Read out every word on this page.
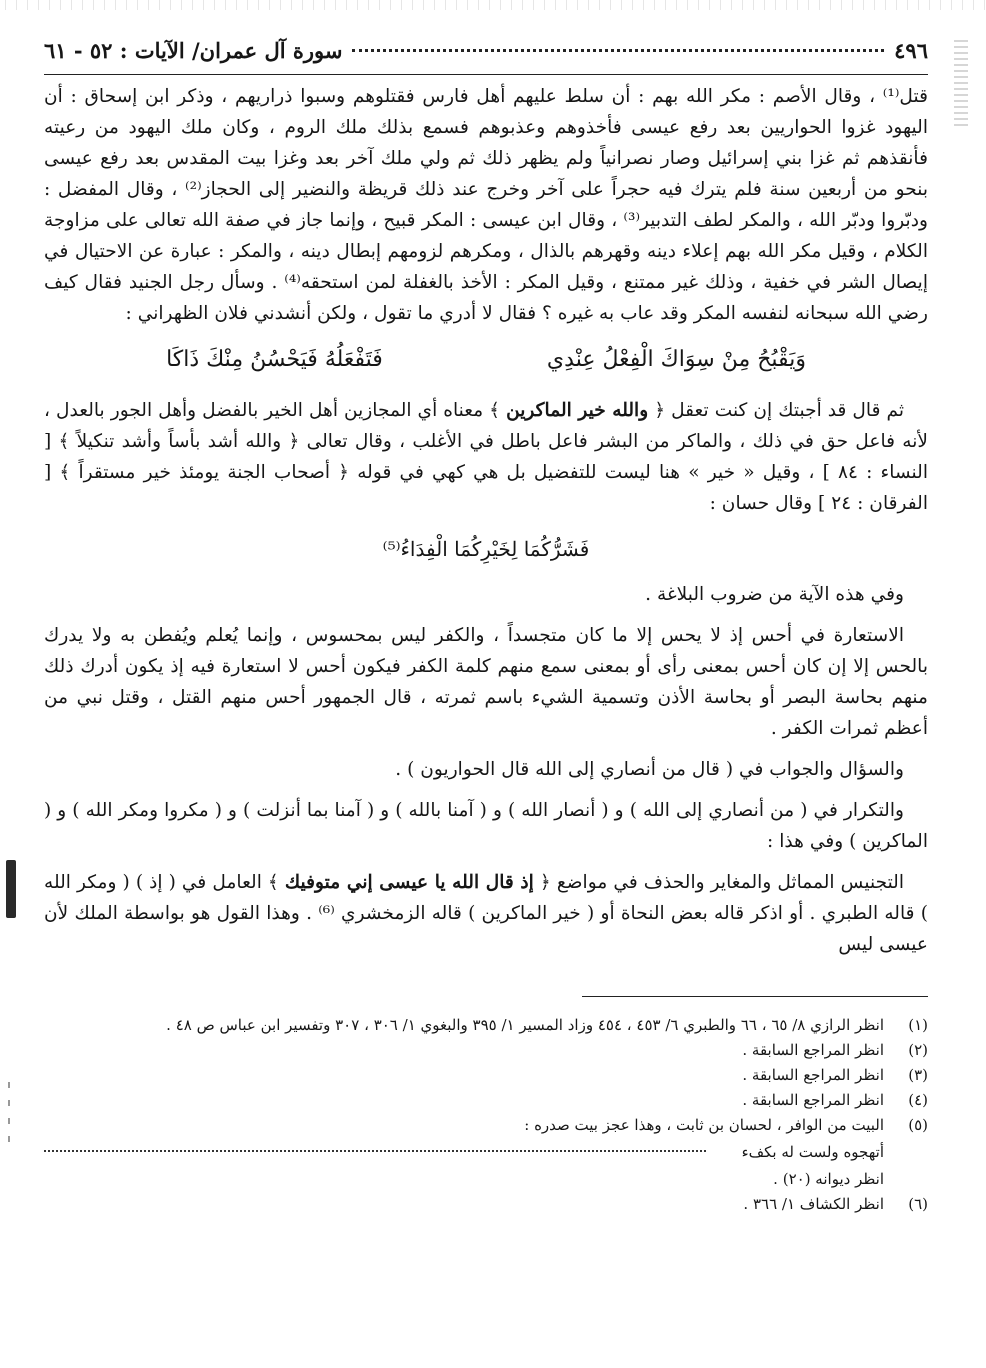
٤٩٦
سورة آل عمران/ الآيات : ٥٢ - ٦١

قتل⁽¹⁾ ، وقال الأصم : مكر الله بهم : أن سلط عليهم أهل فارس فقتلوهم وسبوا ذراريهم ، وذكر ابن إسحاق : أن اليهود غزوا الحواريين بعد رفع عيسى فأخذوهم وعذبوهم فسمع بذلك ملك الروم ، وكان ملك اليهود من رعيته فأنقذهم ثم غزا بني إسرائيل وصار نصرانياً ولم يظهر ذلك ثم ولي ملك آخر بعد وغزا بيت المقدس بعد رفع عيسى بنحو من أربعين سنة فلم يترك فيه حجراً على آخر وخرج عند ذلك قريظة والنضير إلى الحجاز⁽²⁾ ، وقال المفضل : ودبّروا ودبّر الله ، والمكر لطف التدبير⁽³⁾ ، وقال ابن عيسى : المكر قبيح ، وإنما جاز في صفة الله تعالى على مزاوجة الكلام ، وقيل مكر الله بهم إعلاء دينه وقهرهم بالذال ، ومكرهم لزومهم إبطال دينه ، والمكر : عبارة عن الاحتيال في إيصال الشر في خفية ، وذلك غير ممتنع ، وقيل المكر : الأخذ بالغفلة لمن استحقه⁽⁴⁾ . وسأل رجل الجنيد فقال كيف رضي الله سبحانه لنفسه المكر وقد عاب به غيره ؟ فقال لا أدري ما تقول ، ولكن أنشدني فلان الظهراني :

وَيَقْبُحُ مِنْ سِوَاكَ الْفِعْلُ عِنْدِي
فَتَفْعَلُهُ فَيَحْسُنُ مِنْكَ ذَاكَا

ثم قال قد أجبتك إن كنت تعقل ﴿ والله خير الماكرين ﴾ معناه أي المجازين أهل الخير بالفضل وأهل الجور بالعدل ، لأنه فاعل حق في ذلك ، والماكر من البشر فاعل باطل في الأغلب ، وقال تعالى ﴿ والله أشد بأساً وأشد تنكيلاً ﴾ [ النساء : ٨٤ ] ، وقيل « خير » هنا ليست للتفضيل بل هي كهي في قوله ﴿ أصحاب الجنة يومئذ خير مستقراً ﴾ [ الفرقان : ٢٤ ] وقال حسان :

فَشَرُّكُمَا لِخَيْرِكُمَا الْفِدَاءُ⁽⁵⁾

وفي هذه الآية من ضروب البلاغة .

الاستعارة في أحس إذ لا يحس إلا ما كان متجسداً ، والكفر ليس بمحسوس ، وإنما يُعلم ويُفطن به ولا يدرك بالحس إلا إن كان أحس بمعنى رأى أو بمعنى سمع منهم كلمة الكفر فيكون أحس لا استعارة فيه إذ يكون أدرك ذلك منهم بحاسة البصر أو بحاسة الأذن وتسمية الشيء باسم ثمرته ، قال الجمهور أحس منهم القتل ، وقتل نبي من أعظم ثمرات الكفر .

والسؤال والجواب في ( قال من أنصاري إلى الله قال الحواريون ) .

والتكرار في ( من أنصاري إلى الله ) و ( أنصار الله ) و ( آمنا بالله ) و ( آمنا بما أنزلت ) و ( مكروا ومكر الله ) و ( الماكرين ) وفي هذا :

التجنيس المماثل والمغاير والحذف في مواضع ﴿ إذ قال الله يا عيسى إني متوفيك ﴾ العامل في ( إذ ) ( ومكر الله ) قاله الطبري . أو اذكر قاله بعض النحاة أو ( خير الماكرين ) قاله الزمخشري ⁽⁶⁾ . وهذا القول هو بواسطة الملك لأن عيسى ليس

(١)
انظر الرازي ٨/ ٦٥ ، ٦٦ والطبري ٦/ ٤٥٣ ، ٤٥٤ وزاد المسير ١/ ٣٩٥ والبغوي ١/ ٣٠٦ ، ٣٠٧ وتفسير ابن عباس ص ٤٨ .
(٢)
انظر المراجع السابقة .
(٣)
انظر المراجع السابقة .
(٤)
انظر المراجع السابقة .
(٥)
البيت من الوافر ، لحسان بن ثابت ، وهذا عجز بيت صدره :
أتهجوه ولست له بكفء
انظر ديوانه (٢٠) .
(٦)
انظر الكشاف ١/ ٣٦٦ .
